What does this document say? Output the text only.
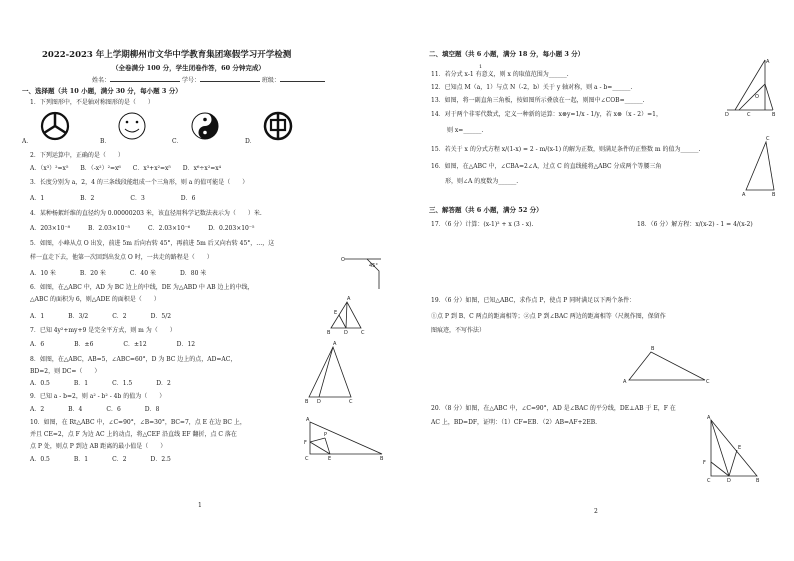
2022-2023 年上学期柳州市文华中学教育集团寒假学习开学检测
（全卷满分 100 分，学生闭卷作答，60 分钟完成）
姓名：	学号：	班级：
一、选择题（共 10 小题，满分 30 分，每小题 3 分）
1．下列图形中，不是轴对称图形的是（　　）
A．	B．	C．	D．
2．下列运算中，正确的是（　　）
A．（x³）²=x⁵　　B．（-x²）²=x⁶　　C．x³+x²=x⁵　　D．x⁶÷x²=x⁴
3．长度分别为 a，2，4 的三条线段能组成一个三角形，则 a 的值可能是（　　）
A．1　　　　　　B．2　　　　　　C．3　　　　　　D．6
4．某种杨絮纤维的直径约为 0.00000203 米，该直径用科学记数法表示为（　　）米.
A．203×10⁻⁸　　　B．2.03×10⁻⁵　　　C．2.03×10⁻⁶　　　D．0.203×10⁻⁵
5．如图，小峰从点 O 出发，前进 5m 后向右转 45°，再前进 5m 后又向右转 45°，…，这
样一直走下去，他第一次回到出发点 O 时，一共走的路程是（　　）
A．10 米　　　　B．20 米　　　　C．40 米　　　　D．80 米
45°
O
6．如图，在△ABC 中，AD 为 BC 边上的中线，DE 为△ABD 中 AB 边上的中线，
△ABC 的面积为 6，则△ADE 的面积是（　　）
A．1　　　　B．3/2　　　　C．2　　　　D．5/2
A
B	D	C
E
7．已知 4y²+my+9 是完全平方式，则 m 为（　　）
A．6　　　　　B．±6　　　　　C．±12　　　　　D．12
8．如图，在△ABC，AB=5，∠ABC=60°，D 为 BC 边上的点，AD=AC，
BD=2，则 DC=（　　）
A．0.5　　　　B．1　　　　C．1.5　　　　D．2
A
B D	C
9．已知 a - b=2，则 a² - b² - 4b 的值为（　　）
A．2　　　　B．4　　　　C．6　　　　D．8
10．如图，在 Rt△ABC 中，∠C=90°，∠B=30°，BC=7，点 E 在边 BC 上，
并且 CE=2，点 F 为边 AC 上的动点，将△CEF 沿直线 EF 翻折，点 C 落在
点 P 处，则点 P 到边 AB 距离的最小值是（　　）
A．0.5　　　　B．1　　　　C．2　　　　D．2.5
A
F
P
C	E	B
1
二、填空题（共 6 小题，满分 18 分，每小题 3 分）
1
11．若分式 x-1 有意义，则 x 的取值范围为______.
12．已知点 M（a，1）与点 N（-2，b）关于 y 轴对称，则 a - b=______.
13．如图，将一副直角三角板，按如图所示叠放在一起，则图中∠COB=______.
A
O
D	C	B
14．对于两个非零代数式，定义一种新的运算：x⊗y=1/x - 1/y，若 x⊗（x - 2）=1，
则 x=______.
15．若关于 x 的分式方程 x/(1-x) = 2 - m/(x-1) 的解为正数，则满足条件的正整数 m 的值为______.
16．如图，在△ABC 中，∠CBA=2∠A，过点 C 的直线能将△ABC 分成两个等腰三角
形，则∠A 的度数为______.
C
A	B
三、解答题（共 6 小题，满分 52 分）
17．（6 分）计算：(x-1)² + x (3 - x).	18．（6 分）解方程：x/(x-2) - 1 = 4/(x-2)
19．（6 分）如图，已知△ABC，求作点 P，使点 P 同时满足以下两个条件：
①点 P 到 B、C 两点的距离相等；②点 P 到∠BAC 两边的距离相等（尺规作图，保留作
图痕迹，不写作法）
B
A	C
20．（8 分）如图，在△ABC 中，∠C=90°，AD 是∠BAC 的平分线，DE⊥AB 于 E，F 在
AC 上，BD=DF，证明：（1）CF=EB．（2）AB=AF+2EB.
A
F
E
C	D	B
2
